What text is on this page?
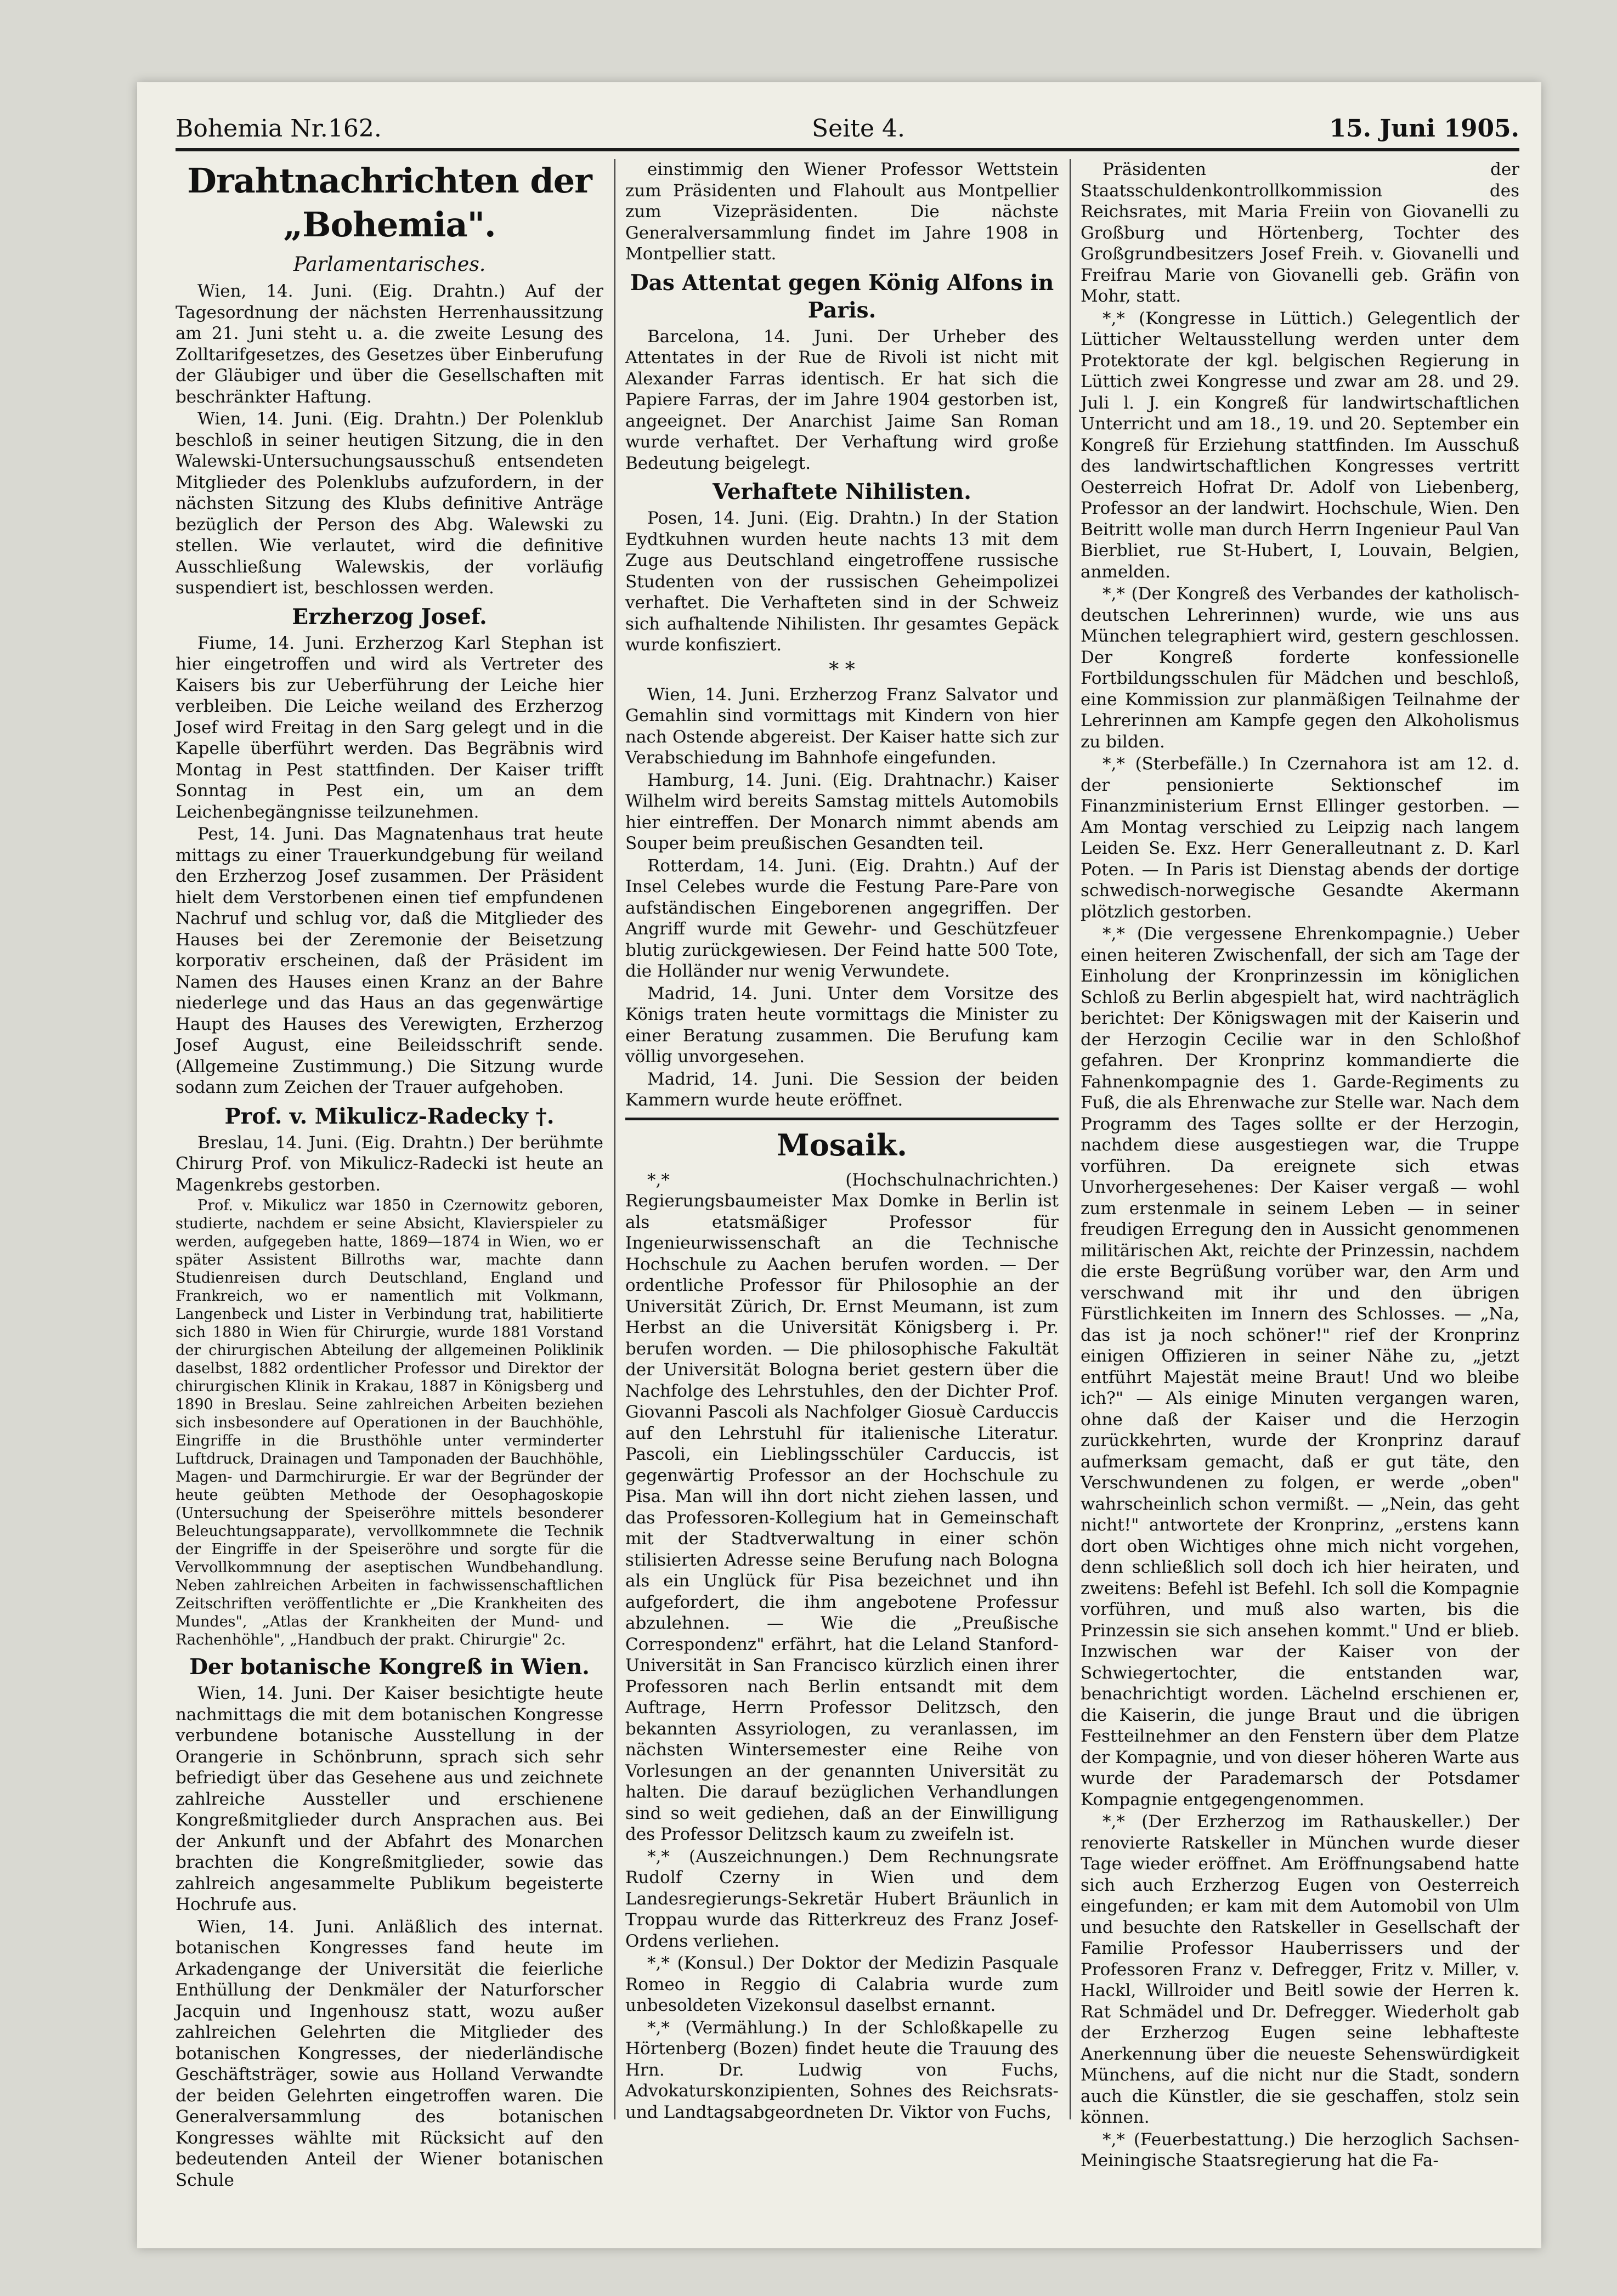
Bohemia Nr.162.	Seite 4.	15. Juni 1905.
Drahtnachrichten der „Bohemia".
Parlamentarisches.

Wien, 14. Juni. (Eig. Drahtn.) Auf der Tagesordnung der nächsten Herrenhaussitzung am 21. Juni steht u. a. die zweite Lesung des Zolltarifgesetzes, des Gesetzes über Einberufung der Gläubiger und über die Gesellschaften mit beschränkter Haftung.

Wien, 14. Juni. (Eig. Drahtn.) Der Polenklub beschloß in seiner heutigen Sitzung, die in den Walewski-Untersuchungsausschuß entsendeten Mitglieder des Polenklubs aufzufordern, in der nächsten Sitzung des Klubs definitive Anträge bezüglich der Person des Abg. Walewski zu stellen. Wie verlautet, wird die definitive Ausschließung Walewskis, der vorläufig suspendiert ist, beschlossen werden.

Erzherzog Josef.

Fiume, 14. Juni. Erzherzog Karl Stephan ist hier eingetroffen und wird als Vertreter des Kaisers bis zur Ueberführung der Leiche hier verbleiben. Die Leiche weiland des Erzherzog Josef wird Freitag in den Sarg gelegt und in die Kapelle überführt werden. Das Begräbnis wird Montag in Pest stattfinden. Der Kaiser trifft Sonntag in Pest ein, um an dem Leichenbegängnisse teilzunehmen.

Pest, 14. Juni. Das Magnatenhaus trat heute mittags zu einer Trauerkundgebung für weiland den Erzherzog Josef zusammen. Der Präsident hielt dem Verstorbenen einen tief empfundenen Nachruf und schlug vor, daß die Mitglieder des Hauses bei der Zeremonie der Beisetzung korporativ erscheinen, daß der Präsident im Namen des Hauses einen Kranz an der Bahre niederlege und das Haus an das gegenwärtige Haupt des Hauses des Verewigten, Erzherzog Josef August, eine Beileidsschrift sende. (Allgemeine Zustimmung.) Die Sitzung wurde sodann zum Zeichen der Trauer aufgehoben.

Prof. v. Mikulicz-Radecky †.

Breslau, 14. Juni. (Eig. Drahtn.) Der berühmte Chirurg Prof. von Mikulicz-Radecki ist heute an Magenkrebs gestorben.

Prof. v. Mikulicz war 1850 in Czernowitz geboren, studierte, nachdem er seine Absicht, Klavierspieler zu werden, aufgegeben hatte, 1869—1874 in Wien, wo er später Assistent Billroths war, machte dann Studienreisen durch Deutschland, England und Frankreich, wo er namentlich mit Volkmann, Langenbeck und Lister in Verbindung trat, habilitierte sich 1880 in Wien für Chirurgie, wurde 1881 Vorstand der chirurgischen Abteilung der allgemeinen Poliklinik daselbst, 1882 ordentlicher Professor und Direktor der chirurgischen Klinik in Krakau, 1887 in Königsberg und 1890 in Breslau. Seine zahlreichen Arbeiten beziehen sich insbesondere auf Operationen in der Bauchhöhle, Eingriffe in die Brusthöhle unter verminderter Luftdruck, Drainagen und Tamponaden der Bauchhöhle, Magen- und Darmchirurgie. Er war der Begründer der heute geübten Methode der Oesophagoskopie (Untersuchung der Speiseröhre mittels besonderer Beleuchtungsapparate), vervollkommnete die Technik der Eingriffe in der Speiseröhre und sorgte für die Vervollkommnung der aseptischen Wundbehandlung. Neben zahlreichen Arbeiten in fachwissenschaftlichen Zeitschriften veröffentlichte er „Die Krankheiten des Mundes", „Atlas der Krankheiten der Mund- und Rachenhöhle", „Handbuch der prakt. Chirurgie" 2c.

Der botanische Kongreß in Wien.

Wien, 14. Juni. Der Kaiser besichtigte heute nachmittags die mit dem botanischen Kongresse verbundene botanische Ausstellung in der Orangerie in Schönbrunn, sprach sich sehr befriedigt über das Gesehene aus und zeichnete zahlreiche Aussteller und erschienene Kongreßmitglieder durch Ansprachen aus. Bei der Ankunft und der Abfahrt des Monarchen brachten die Kongreßmitglieder, sowie das zahlreich angesammelte Publikum begeisterte Hochrufe aus.

Wien, 14. Juni. Anläßlich des internat. botanischen Kongresses fand heute im Arkadengange der Universität die feierliche Enthüllung der Denkmäler der Naturforscher Jacquin und Ingenhousz statt, wozu außer zahlreichen Gelehrten die Mitglieder des botanischen Kongresses, der niederländische Geschäftsträger, sowie aus Holland Verwandte der beiden Gelehrten eingetroffen waren. Die Generalversammlung des botanischen Kongresses wählte mit Rücksicht auf den bedeutenden Anteil der Wiener botanischen Schule

einstimmig den Wiener Professor Wettstein zum Präsidenten und Flahoult aus Montpellier zum Vizepräsidenten. Die nächste Generalversammlung findet im Jahre 1908 in Montpellier statt.

Das Attentat gegen König Alfons in Paris.

Barcelona, 14. Juni. Der Urheber des Attentates in der Rue de Rivoli ist nicht mit Alexander Farras identisch. Er hat sich die Papiere Farras, der im Jahre 1904 gestorben ist, angeeignet. Der Anarchist Jaime San Roman wurde verhaftet. Der Verhaftung wird große Bedeutung beigelegt.

Verhaftete Nihilisten.

Posen, 14. Juni. (Eig. Drahtn.) In der Station Eydtkuhnen wurden heute nachts 13 mit dem Zuge aus Deutschland eingetroffene russische Studenten von der russischen Geheimpolizei verhaftet. Die Verhafteten sind in der Schweiz sich aufhaltende Nihilisten. Ihr gesamtes Gepäck wurde konfisziert.

* *

Wien, 14. Juni. Erzherzog Franz Salvator und Gemahlin sind vormittags mit Kindern von hier nach Ostende abgereist. Der Kaiser hatte sich zur Verabschiedung im Bahnhofe eingefunden.

Hamburg, 14. Juni. (Eig. Drahtnachr.) Kaiser Wilhelm wird bereits Samstag mittels Automobils hier eintreffen. Der Monarch nimmt abends am Souper beim preußischen Gesandten teil.

Rotterdam, 14. Juni. (Eig. Drahtn.) Auf der Insel Celebes wurde die Festung Pare-Pare von aufständischen Eingeborenen angegriffen. Der Angriff wurde mit Gewehr- und Geschützfeuer blutig zurückgewiesen. Der Feind hatte 500 Tote, die Holländer nur wenig Verwundete.

Madrid, 14. Juni. Unter dem Vorsitze des Königs traten heute vormittags die Minister zu einer Beratung zusammen. Die Berufung kam völlig unvorgesehen.

Madrid, 14. Juni. Die Session der beiden Kammern wurde heute eröffnet.

Mosaik.

*,* (Hochschulnachrichten.) Regierungsbaumeister Max Domke in Berlin ist als etatsmäßiger Professor für Ingenieurwissenschaft an die Technische Hochschule zu Aachen berufen worden. — Der ordentliche Professor für Philosophie an der Universität Zürich, Dr. Ernst Meumann, ist zum Herbst an die Universität Königsberg i. Pr. berufen worden. — Die philosophische Fakultät der Universität Bologna beriet gestern über die Nachfolge des Lehrstuhles, den der Dichter Prof. Giovanni Pascoli als Nachfolger Giosuè Carduccis auf den Lehrstuhl für italienische Literatur. Pascoli, ein Lieblingsschüler Carduccis, ist gegenwärtig Professor an der Hochschule zu Pisa. Man will ihn dort nicht ziehen lassen, und das Professoren-Kollegium hat in Gemeinschaft mit der Stadtverwaltung in einer schön stilisierten Adresse seine Berufung nach Bologna als ein Unglück für Pisa bezeichnet und ihn aufgefordert, die ihm angebotene Professur abzulehnen. — Wie die „Preußische Correspondenz" erfährt, hat die Leland Stanford-Universität in San Francisco kürzlich einen ihrer Professoren nach Berlin entsandt mit dem Auftrage, Herrn Professor Delitzsch, den bekannten Assyriologen, zu veranlassen, im nächsten Wintersemester eine Reihe von Vorlesungen an der genannten Universität zu halten. Die darauf bezüglichen Verhandlungen sind so weit gediehen, daß an der Einwilligung des Professor Delitzsch kaum zu zweifeln ist.

*,* (Auszeichnungen.) Dem Rechnungsrate Rudolf Czerny in Wien und dem Landesregierungs-Sekretär Hubert Bräunlich in Troppau wurde das Ritterkreuz des Franz Josef-Ordens verliehen.

*,* (Konsul.) Der Doktor der Medizin Pasquale Romeo in Reggio di Calabria wurde zum unbesoldeten Vizekonsul daselbst ernannt.

*,* (Vermählung.) In der Schloßkapelle zu Hörtenberg (Bozen) findet heute die Trauung des Hrn. Dr. Ludwig von Fuchs, Advokaturskonzipienten, Sohnes des Reichsrats- und Landtagsabgeordneten Dr. Viktor von Fuchs,

Präsidenten der Staatsschuldenkontrollkommission des Reichsrates, mit Maria Freiin von Giovanelli zu Großburg und Hörtenberg, Tochter des Großgrundbesitzers Josef Freih. v. Giovanelli und Freifrau Marie von Giovanelli geb. Gräfin von Mohr, statt.

*,* (Kongresse in Lüttich.) Gelegentlich der Lütticher Weltausstellung werden unter dem Protektorate der kgl. belgischen Regierung in Lüttich zwei Kongresse und zwar am 28. und 29. Juli l. J. ein Kongreß für landwirtschaftlichen Unterricht und am 18., 19. und 20. September ein Kongreß für Erziehung stattfinden. Im Ausschuß des landwirtschaftlichen Kongresses vertritt Oesterreich Hofrat Dr. Adolf von Liebenberg, Professor an der landwirt. Hochschule, Wien. Den Beitritt wolle man durch Herrn Ingenieur Paul Van Bierbliet, rue St-Hubert, I, Louvain, Belgien, anmelden.

*,* (Der Kongreß des Verbandes der katholisch-deutschen Lehrerinnen) wurde, wie uns aus München telegraphiert wird, gestern geschlossen. Der Kongreß forderte konfessionelle Fortbildungsschulen für Mädchen und beschloß, eine Kommission zur planmäßigen Teilnahme der Lehrerinnen am Kampfe gegen den Alkoholismus zu bilden.

*,* (Sterbefälle.) In Czernahora ist am 12. d. der pensionierte Sektionschef im Finanzministerium Ernst Ellinger gestorben. — Am Montag verschied zu Leipzig nach langem Leiden Se. Exz. Herr Generalleutnant z. D. Karl Poten. — In Paris ist Dienstag abends der dortige schwedisch-norwegische Gesandte Akermann plötzlich gestorben.

*,* (Die vergessene Ehrenkompagnie.) Ueber einen heiteren Zwischenfall, der sich am Tage der Einholung der Kronprinzessin im königlichen Schloß zu Berlin abgespielt hat, wird nachträglich berichtet: Der Königswagen mit der Kaiserin und der Herzogin Cecilie war in den Schloßhof gefahren. Der Kronprinz kommandierte die Fahnenkompagnie des 1. Garde-Regiments zu Fuß, die als Ehrenwache zur Stelle war. Nach dem Programm des Tages sollte er der Herzogin, nachdem diese ausgestiegen war, die Truppe vorführen. Da ereignete sich etwas Unvorhergesehenes: Der Kaiser vergaß — wohl zum erstenmale in seinem Leben — in seiner freudigen Erregung den in Aussicht genommenen militärischen Akt, reichte der Prinzessin, nachdem die erste Begrüßung vorüber war, den Arm und verschwand mit ihr und den übrigen Fürstlichkeiten im Innern des Schlosses. — „Na, das ist ja noch schöner!" rief der Kronprinz einigen Offizieren in seiner Nähe zu, „jetzt entführt Majestät meine Braut! Und wo bleibe ich?" — Als einige Minuten vergangen waren, ohne daß der Kaiser und die Herzogin zurückkehrten, wurde der Kronprinz darauf aufmerksam gemacht, daß er gut täte, den Verschwundenen zu folgen, er werde „oben" wahrscheinlich schon vermißt. — „Nein, das geht nicht!" antwortete der Kronprinz, „erstens kann dort oben Wichtiges ohne mich nicht vorgehen, denn schließlich soll doch ich hier heiraten, und zweitens: Befehl ist Befehl. Ich soll die Kompagnie vorführen, und muß also warten, bis die Prinzessin sie sich ansehen kommt." Und er blieb. Inzwischen war der Kaiser von der Schwiegertochter, die entstanden war, benachrichtigt worden. Lächelnd erschienen er, die Kaiserin, die junge Braut und die übrigen Festteilnehmer an den Fenstern über dem Platze der Kompagnie, und von dieser höheren Warte aus wurde der Parademarsch der Potsdamer Kompagnie entgegengenommen.

*,* (Der Erzherzog im Rathauskeller.) Der renovierte Ratskeller in München wurde dieser Tage wieder eröffnet. Am Eröffnungsabend hatte sich auch Erzherzog Eugen von Oesterreich eingefunden; er kam mit dem Automobil von Ulm und besuchte den Ratskeller in Gesellschaft der Familie Professor Hauberrissers und der Professoren Franz v. Defregger, Fritz v. Miller, v. Hackl, Willroider und Beitl sowie der Herren k. Rat Schmädel und Dr. Defregger. Wiederholt gab der Erzherzog Eugen seine lebhafteste Anerkennung über die neueste Sehenswürdigkeit Münchens, auf die nicht nur die Stadt, sondern auch die Künstler, die sie geschaffen, stolz sein können.

*,* (Feuerbestattung.) Die herzoglich Sachsen-Meiningische Staatsregierung hat die Fa-
